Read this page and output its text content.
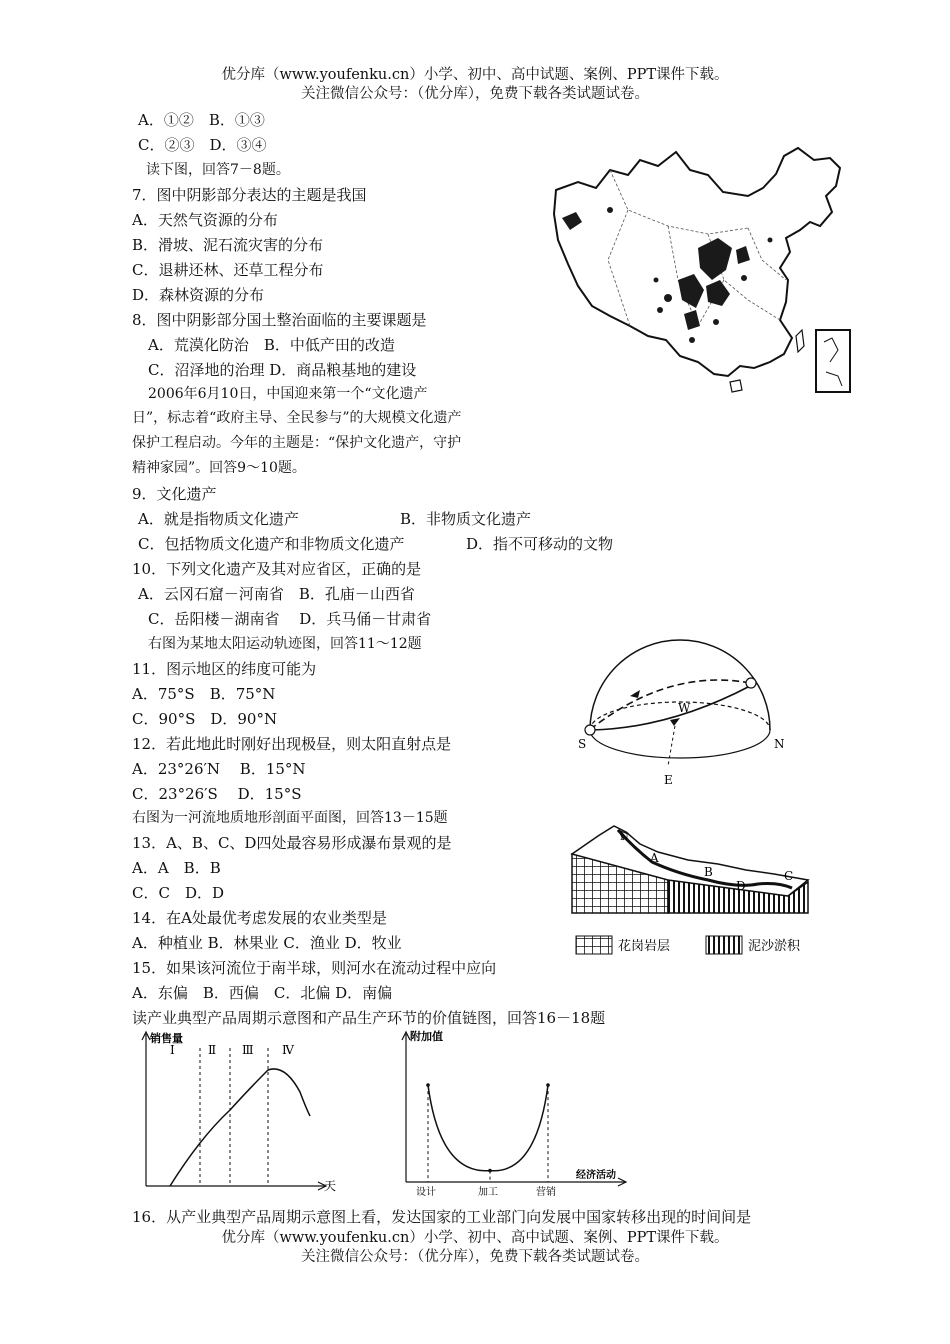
优分库（www.youfenku.cn）小学、初中、高中试题、案例、PPT课件下载。
关注微信公众号：（优分库），免费下载各类试题试卷。
A．①②　B．①③
C．②③　D．③④
读下图，回答7－8题。
7．图中阴影部分表达的主题是我国
A．天然气资源的分布
B．滑坡、泥石流灾害的分布
C．退耕还林、还草工程分布
D．森林资源的分布
8．图中阴影部分国土整治面临的主要课题是
A．荒漠化防治　B．中低产田的改造
C．沼泽地的治理 D．商品粮基地的建设
2006年6月10日，中国迎来第一个“文化遗产
日”，标志着“政府主导、全民参与”的大规模文化遗产
保护工程启动。今年的主题是：“保护文化遗产，守护
精神家园”。回答9～10题。
9．文化遗产
A．就是指物质文化遗产	B．非物质文化遗产
C．包括物质文化遗产和非物质文化遗产	D．指不可移动的文物
10．下列文化遗产及其对应省区，正确的是
A．云冈石窟－河南省　B．孔庙－山西省
C．岳阳楼－湖南省　 D．兵马俑－甘肃省
右图为某地太阳运动轨迹图，回答11～12题
11．图示地区的纬度可能为
A．75°S　B．75°N
C．90°S　D．90°N
12．若此地此时刚好出现极昼，则太阳直射点是
A．23°26′N　 B．15°N
C．23°26′S　 D．15°S
右图为一河流地质地形剖面平面图，回答13－15题
13．A、B、C、D四处最容易形成瀑布景观的是
A．A　B．B
C．C　D．D
14．在A处最优考虑发展的农业类型是
A．种植业 B．林果业 C．渔业 D．牧业
15．如果该河流位于南半球，则河水在流动过程中应向
A．东偏　B．西偏　C．北偏 D．南偏
读产业典型产品周期示意图和产品生产环节的价值链图，回答16－18题
16．从产业典型产品周期示意图上看，发达国家的工业部门向发展中国家转移出现的时间间是
S	N
W
E
N
A
B
D
C
花岗岩层	泥沙淤积
销售量
天
Ⅰ	Ⅱ Ⅲ Ⅳ
附加值
经济活动
设计	加工	营销
优分库（www.youfenku.cn）小学、初中、高中试题、案例、PPT课件下载。
关注微信公众号：（优分库），免费下载各类试题试卷。
